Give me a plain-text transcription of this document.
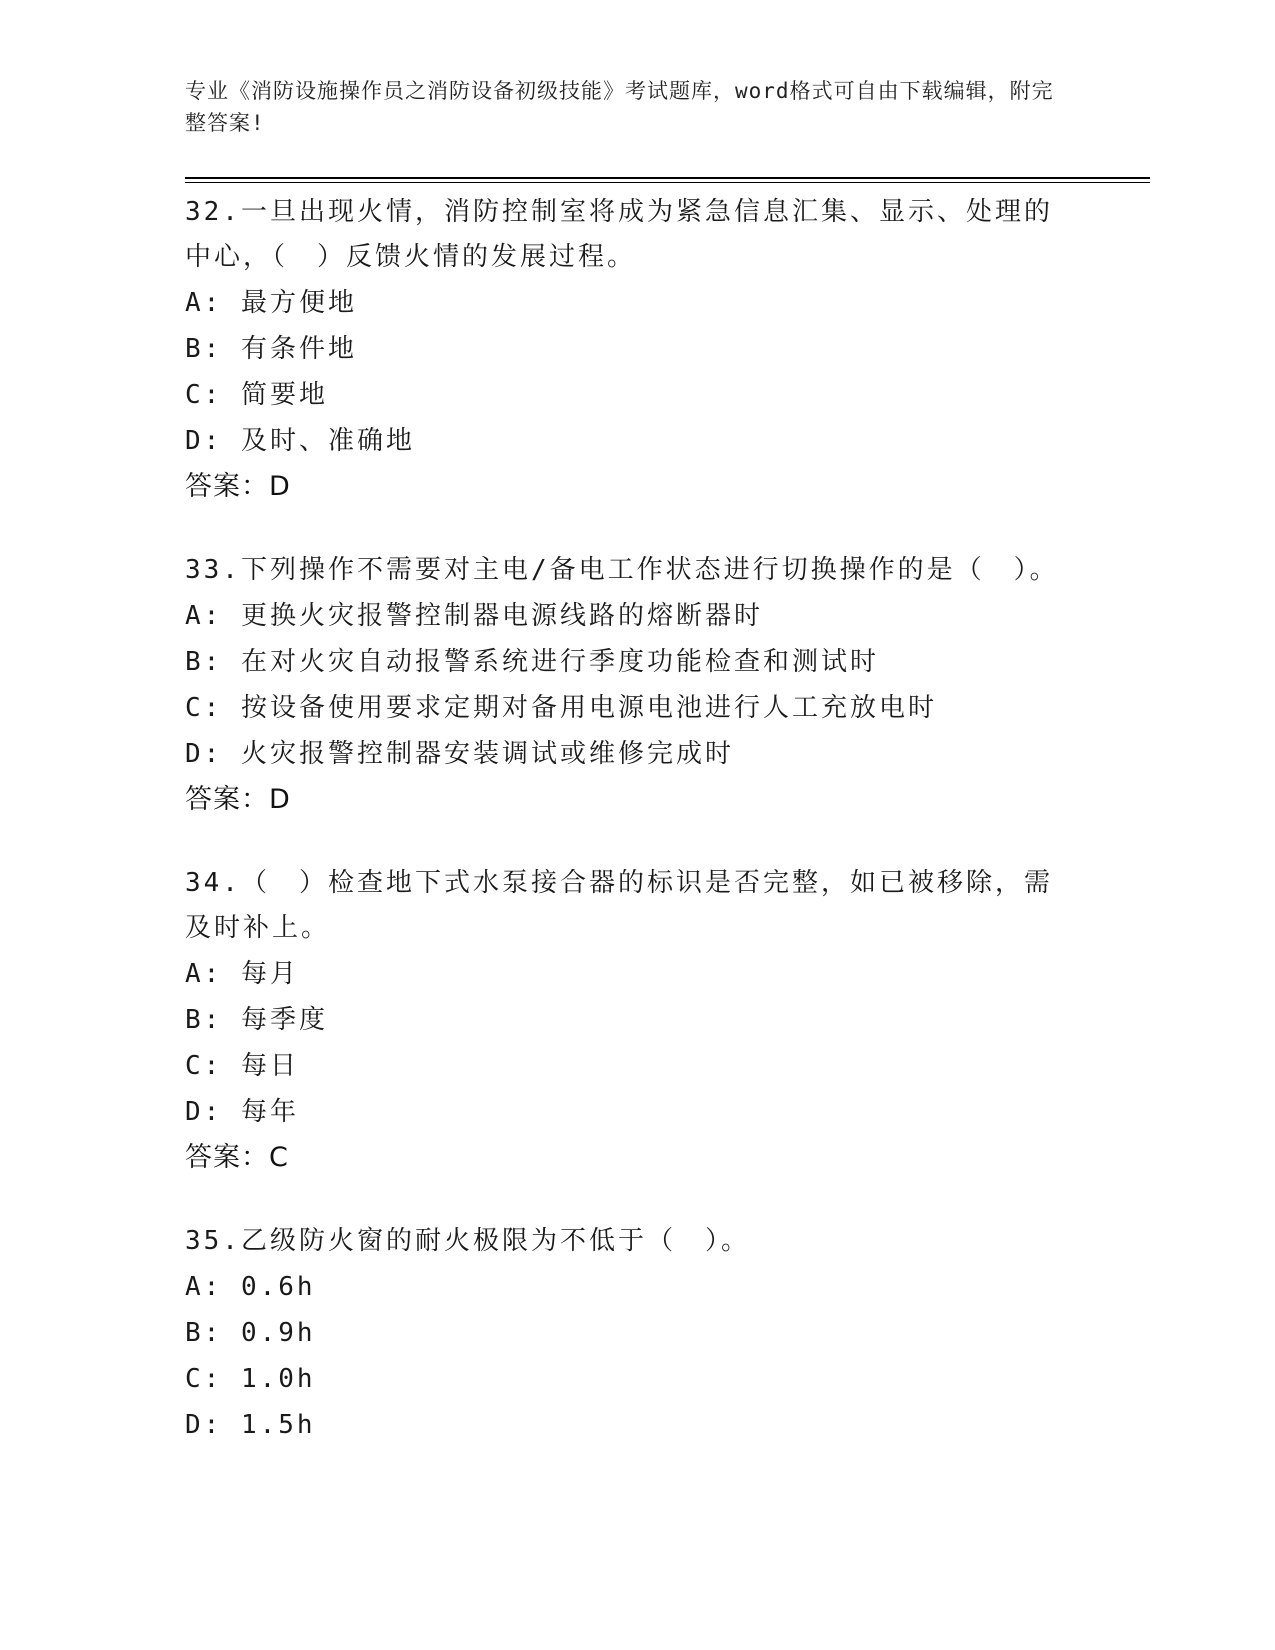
专业《消防设施操作员之消防设备初级技能》考试题库，word格式可自由下载编辑，附完整答案!

32.一旦出现火情，消防控制室将成为紧急信息汇集、显示、处理的中心，（　）反馈火情的发展过程。

A: 最方便地

B: 有条件地

C: 简要地

D: 及时、准确地

答案：D

33.下列操作不需要对主电/备电工作状态进行切换操作的是（　）。

A: 更换火灾报警控制器电源线路的熔断器时

B: 在对火灾自动报警系统进行季度功能检查和测试时

C: 按设备使用要求定期对备用电源电池进行人工充放电时

D: 火灾报警控制器安装调试或维修完成时

答案：D

34.（　）检查地下式水泵接合器的标识是否完整，如已被移除，需及时补上。

A: 每月

B: 每季度

C: 每日

D: 每年

答案：C

35.乙级防火窗的耐火极限为不低于（　）。

A: 0.6h

B: 0.9h

C: 1.0h

D: 1.5h
